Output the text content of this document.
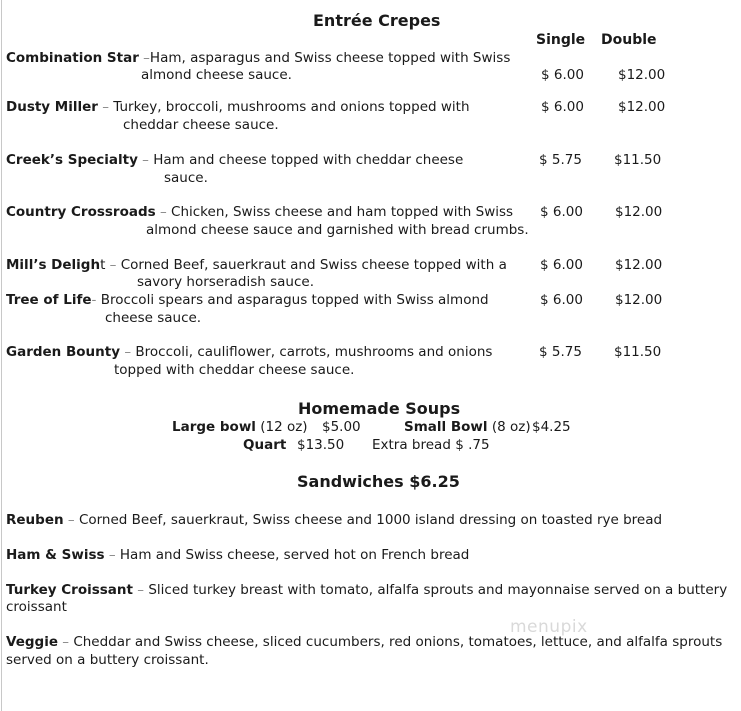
Entrée Crepes
Single Double
Combination Star –Ham, asparagus and Swiss cheese topped with Swiss
almond cheese sauce.	$ 6.00	$12.00
Dusty Miller – Turkey, broccoli, mushrooms and onions topped with
cheddar cheese sauce.
$ 6.00	$12.00
Creek’s Specialty – Ham and cheese topped with cheddar cheese
sauce.
$ 5.75 $11.50
Country Crossroads – Chicken, Swiss cheese and ham topped with Swiss
almond cheese sauce and garnished with bread crumbs.
$ 6.00 $12.00
Mill’s Delight – Corned Beef, sauerkraut and Swiss cheese topped with a
savory horseradish sauce.
$ 6.00 $12.00
Tree of Life- Broccoli spears and asparagus topped with Swiss almond
cheese sauce.
$ 6.00 $12.00
Garden Bounty – Broccoli, cauliflower, carrots, mushrooms and onions
topped with cheddar cheese sauce.
$ 5.75 $11.50
Homemade Soups
Large bowl (12 oz) $5.00	Small Bowl (8 oz) $4.25
Quart $13.50 Extra bread $ .75
Sandwiches $6.25
Reuben – Corned Beef, sauerkraut, Swiss cheese and 1000 island dressing on toasted rye bread
Ham & Swiss – Ham and Swiss cheese, served hot on French bread
Turkey Croissant – Sliced turkey breast with tomato, alfalfa sprouts and mayonnaise served on a buttery
croissant
Veggie – Cheddar and Swiss cheese, sliced cucumbers, red onions, tomatoes, lettuce, and alfalfa sprouts
served on a buttery croissant.
menupix
